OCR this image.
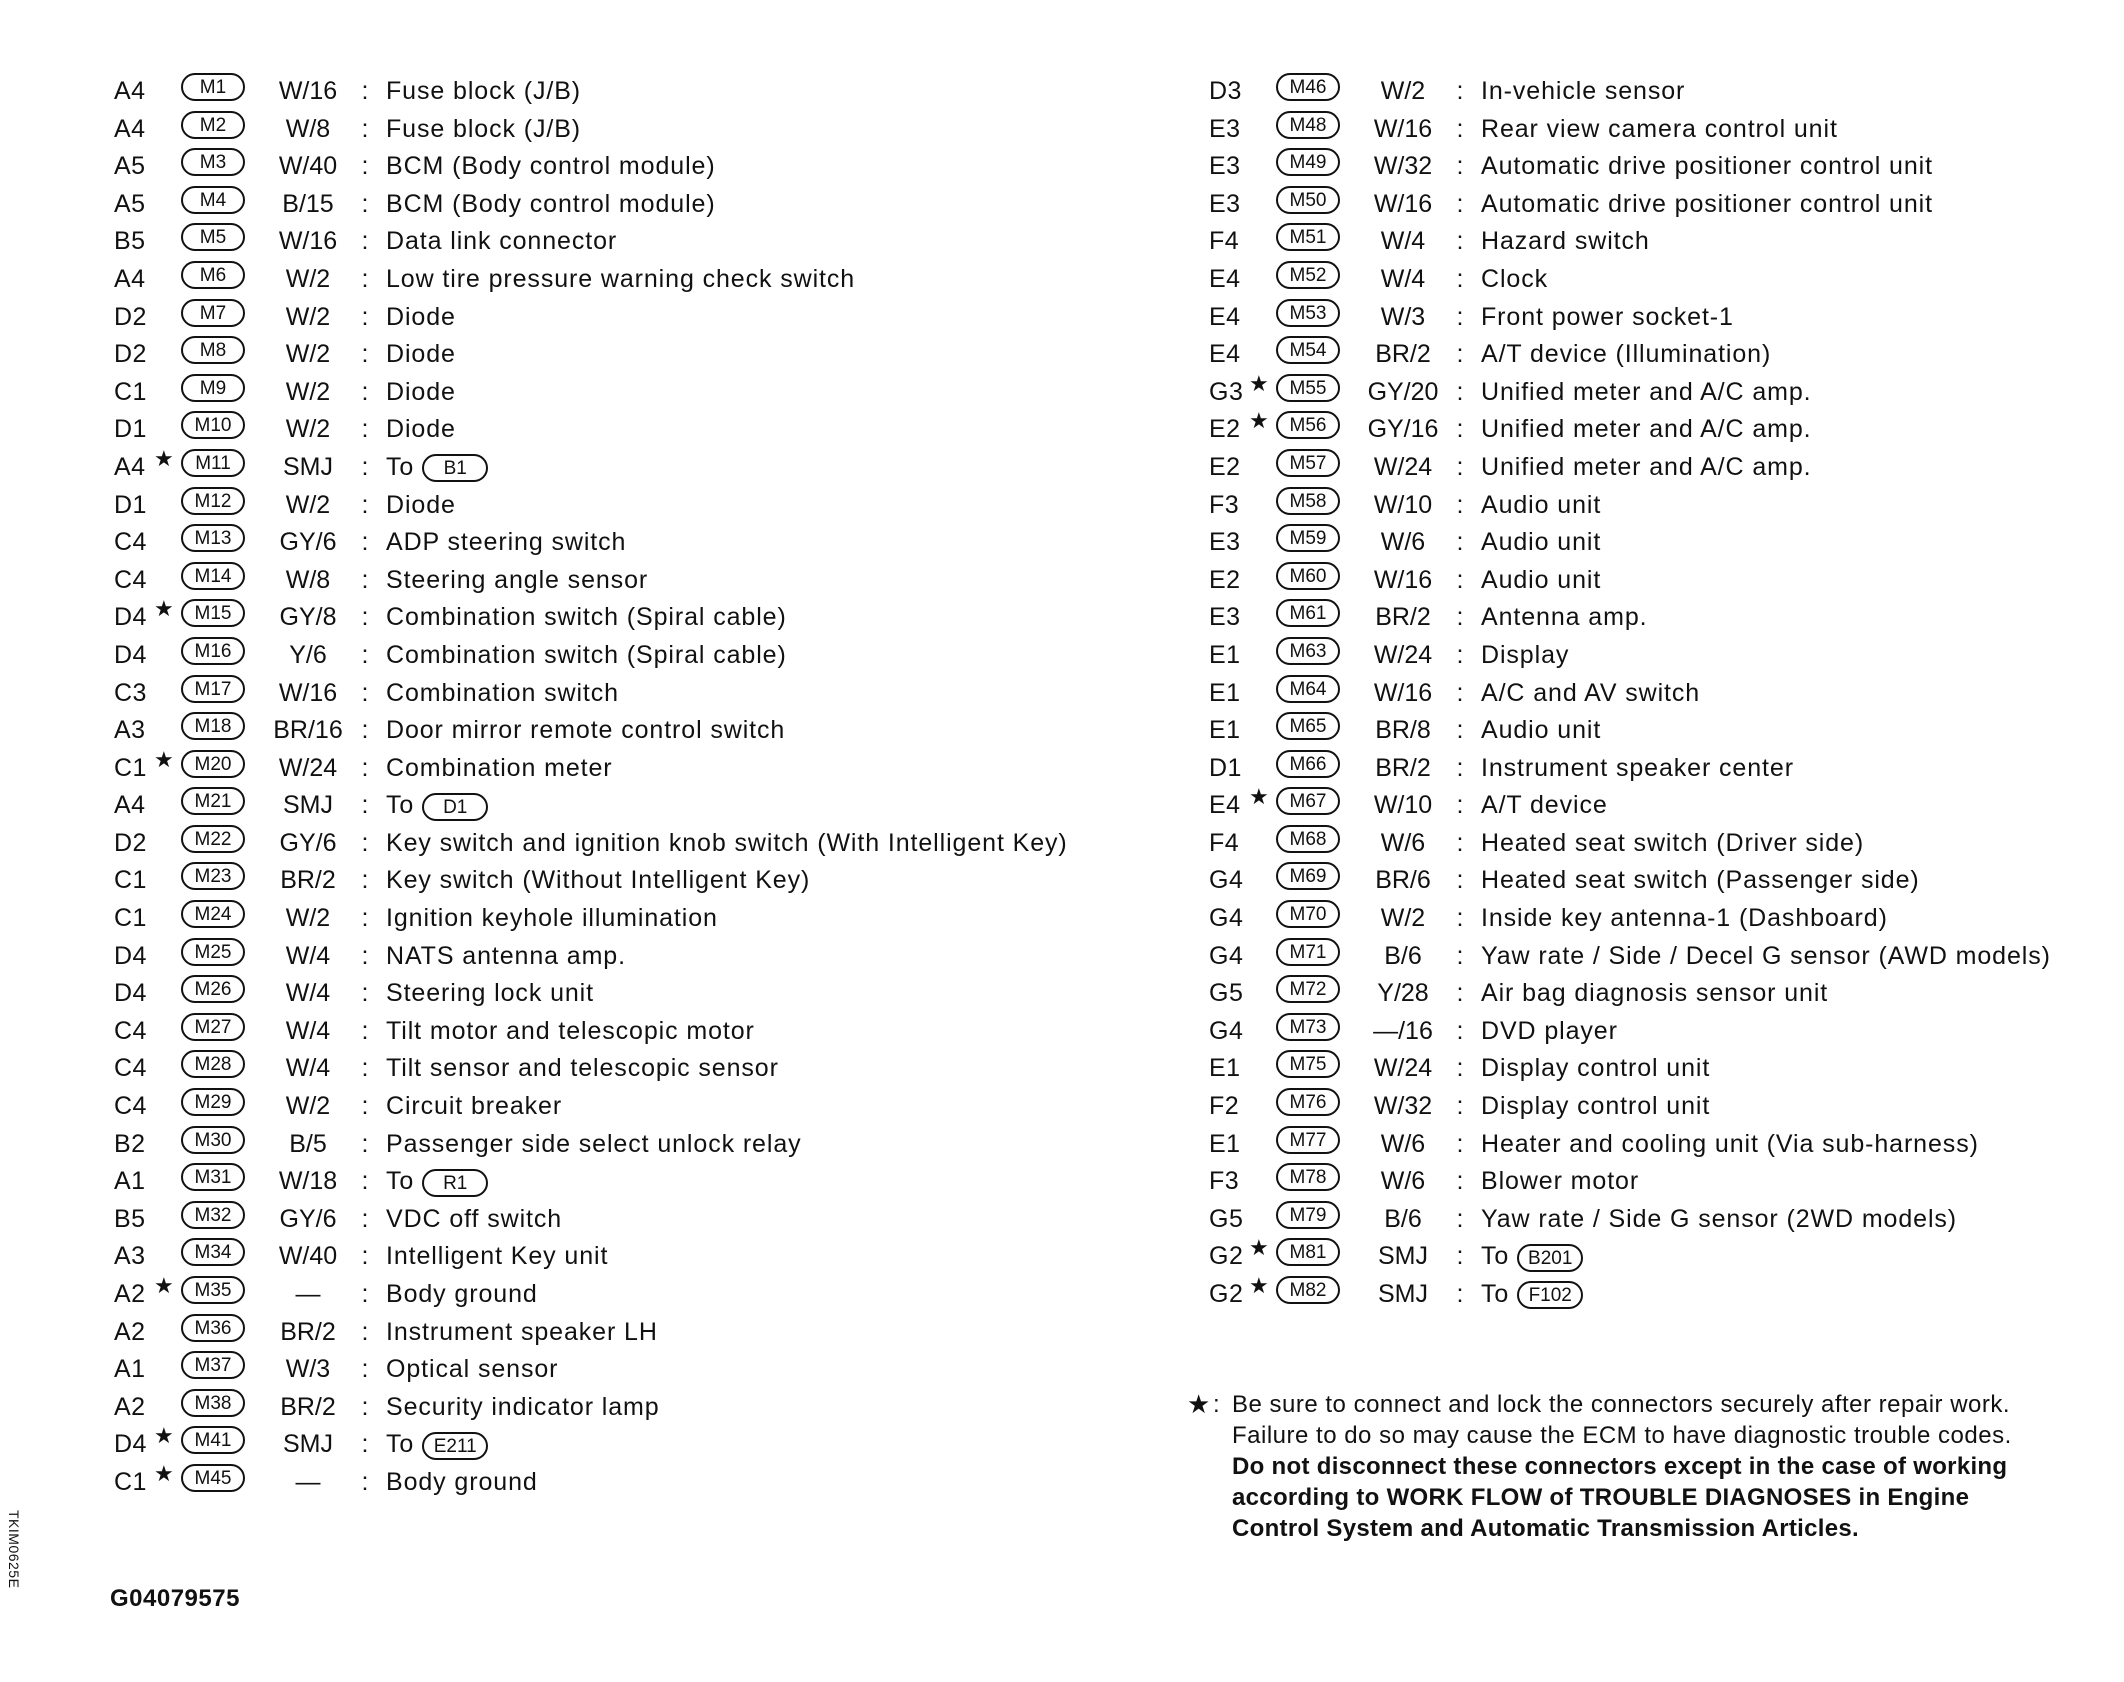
A4	M1	W/16 : Fuse block (J/B)
A4	M2	W/8	: Fuse block (J/B)
A5	M3	W/40 : BCM (Body control module)
A5	M4	B/15	: BCM (Body control module)
B5	M5	W/16 : Data link connector
A4	M6	W/2	: Low tire pressure warning check switch
D2	M7	W/2	: Diode
D2	M8	W/2	: Diode
C1	M9	W/2	: Diode
D1	M10	W/2	: Diode
A4 ★	M11	SMJ	: To B1
D1	M12	W/2	: Diode
C4	M13	GY/6	: ADP steering switch
C4	M14	W/8	: Steering angle sensor
D4 ★	M15	GY/8	: Combination switch (Spiral cable)
D4	M16	Y/6	: Combination switch (Spiral cable)
C3	M17	W/16 : Combination switch
A3	M18	BR/16 : Door mirror remote control switch
C1 ★	M20	W/24 : Combination meter
A4	M21	SMJ	: To D1
D2	M22	GY/6	: Key switch and ignition knob switch (With Intelligent Key)
C1	M23	BR/2	: Key switch (Without Intelligent Key)
C1	M24	W/2	: Ignition keyhole illumination
D4	M25	W/4	: NATS antenna amp.
D4	M26	W/4	: Steering lock unit
C4	M27	W/4	: Tilt motor and telescopic motor
C4	M28	W/4	: Tilt sensor and telescopic sensor
C4	M29	W/2	: Circuit breaker
B2	M30	B/5	: Passenger side select unlock relay
A1	M31	W/18 : To R1
B5	M32	GY/6	: VDC off switch
A3	M34	W/40 : Intelligent Key unit
A2 ★	M35	—	: Body ground
A2	M36	BR/2	: Instrument speaker LH
A1	M37	W/3	: Optical sensor
A2	M38	BR/2	: Security indicator lamp
D4 ★	M41	SMJ	: To E211
C1 ★	M45	—	: Body ground
D3	M46	W/2	: In-vehicle sensor
E3	M48	W/16 : Rear view camera control unit
E3	M49	W/32 : Automatic drive positioner control unit
E3	M50	W/16 : Automatic drive positioner control unit
F4	M51	W/4	: Hazard switch
E4	M52	W/4	: Clock
E4	M53	W/3	: Front power socket-1
E4	M54	BR/2	: A/T device (Illumination)
G3 ★	M55	GY/20 : Unified meter and A/C amp.
E2 ★	M56	GY/16 : Unified meter and A/C amp.
E2	M57	W/24 : Unified meter and A/C amp.
F3	M58	W/10 : Audio unit
E3	M59	W/6	: Audio unit
E2	M60	W/16 : Audio unit
E3	M61	BR/2	: Antenna amp.
E1	M63	W/24 : Display
E1	M64	W/16 : A/C and AV switch
E1	M65	BR/8	: Audio unit
D1	M66	BR/2	: Instrument speaker center
E4 ★	M67	W/10 : A/T device
F4	M68	W/6	: Heated seat switch (Driver side)
G4	M69	BR/6	: Heated seat switch (Passenger side)
G4	M70	W/2	: Inside key antenna-1 (Dashboard)
G4	M71	B/6	: Yaw rate / Side / Decel G sensor (AWD models)
G5	M72	Y/28	: Air bag diagnosis sensor unit
G4	M73	—/16 : DVD player
E1	M75	W/24 : Display control unit
F2	M76	W/32 : Display control unit
E1	M77	W/6	: Heater and cooling unit (Via sub-harness)
F3	M78	W/6	: Blower motor
G5	M79	B/6	: Yaw rate / Side G sensor (2WD models)
G2 ★	M81	SMJ	: To B201
G2 ★	M82	SMJ	: To F102
★ : Be sure to connect and lock the connectors securely after repair work.
Failure to do so may cause the ECM to have diagnostic trouble codes.
Do not disconnect these connectors except in the case of working
according to WORK FLOW of TROUBLE DIAGNOSES in Engine
Control System and Automatic Transmission Articles.
TKIM0625E
G04079575
